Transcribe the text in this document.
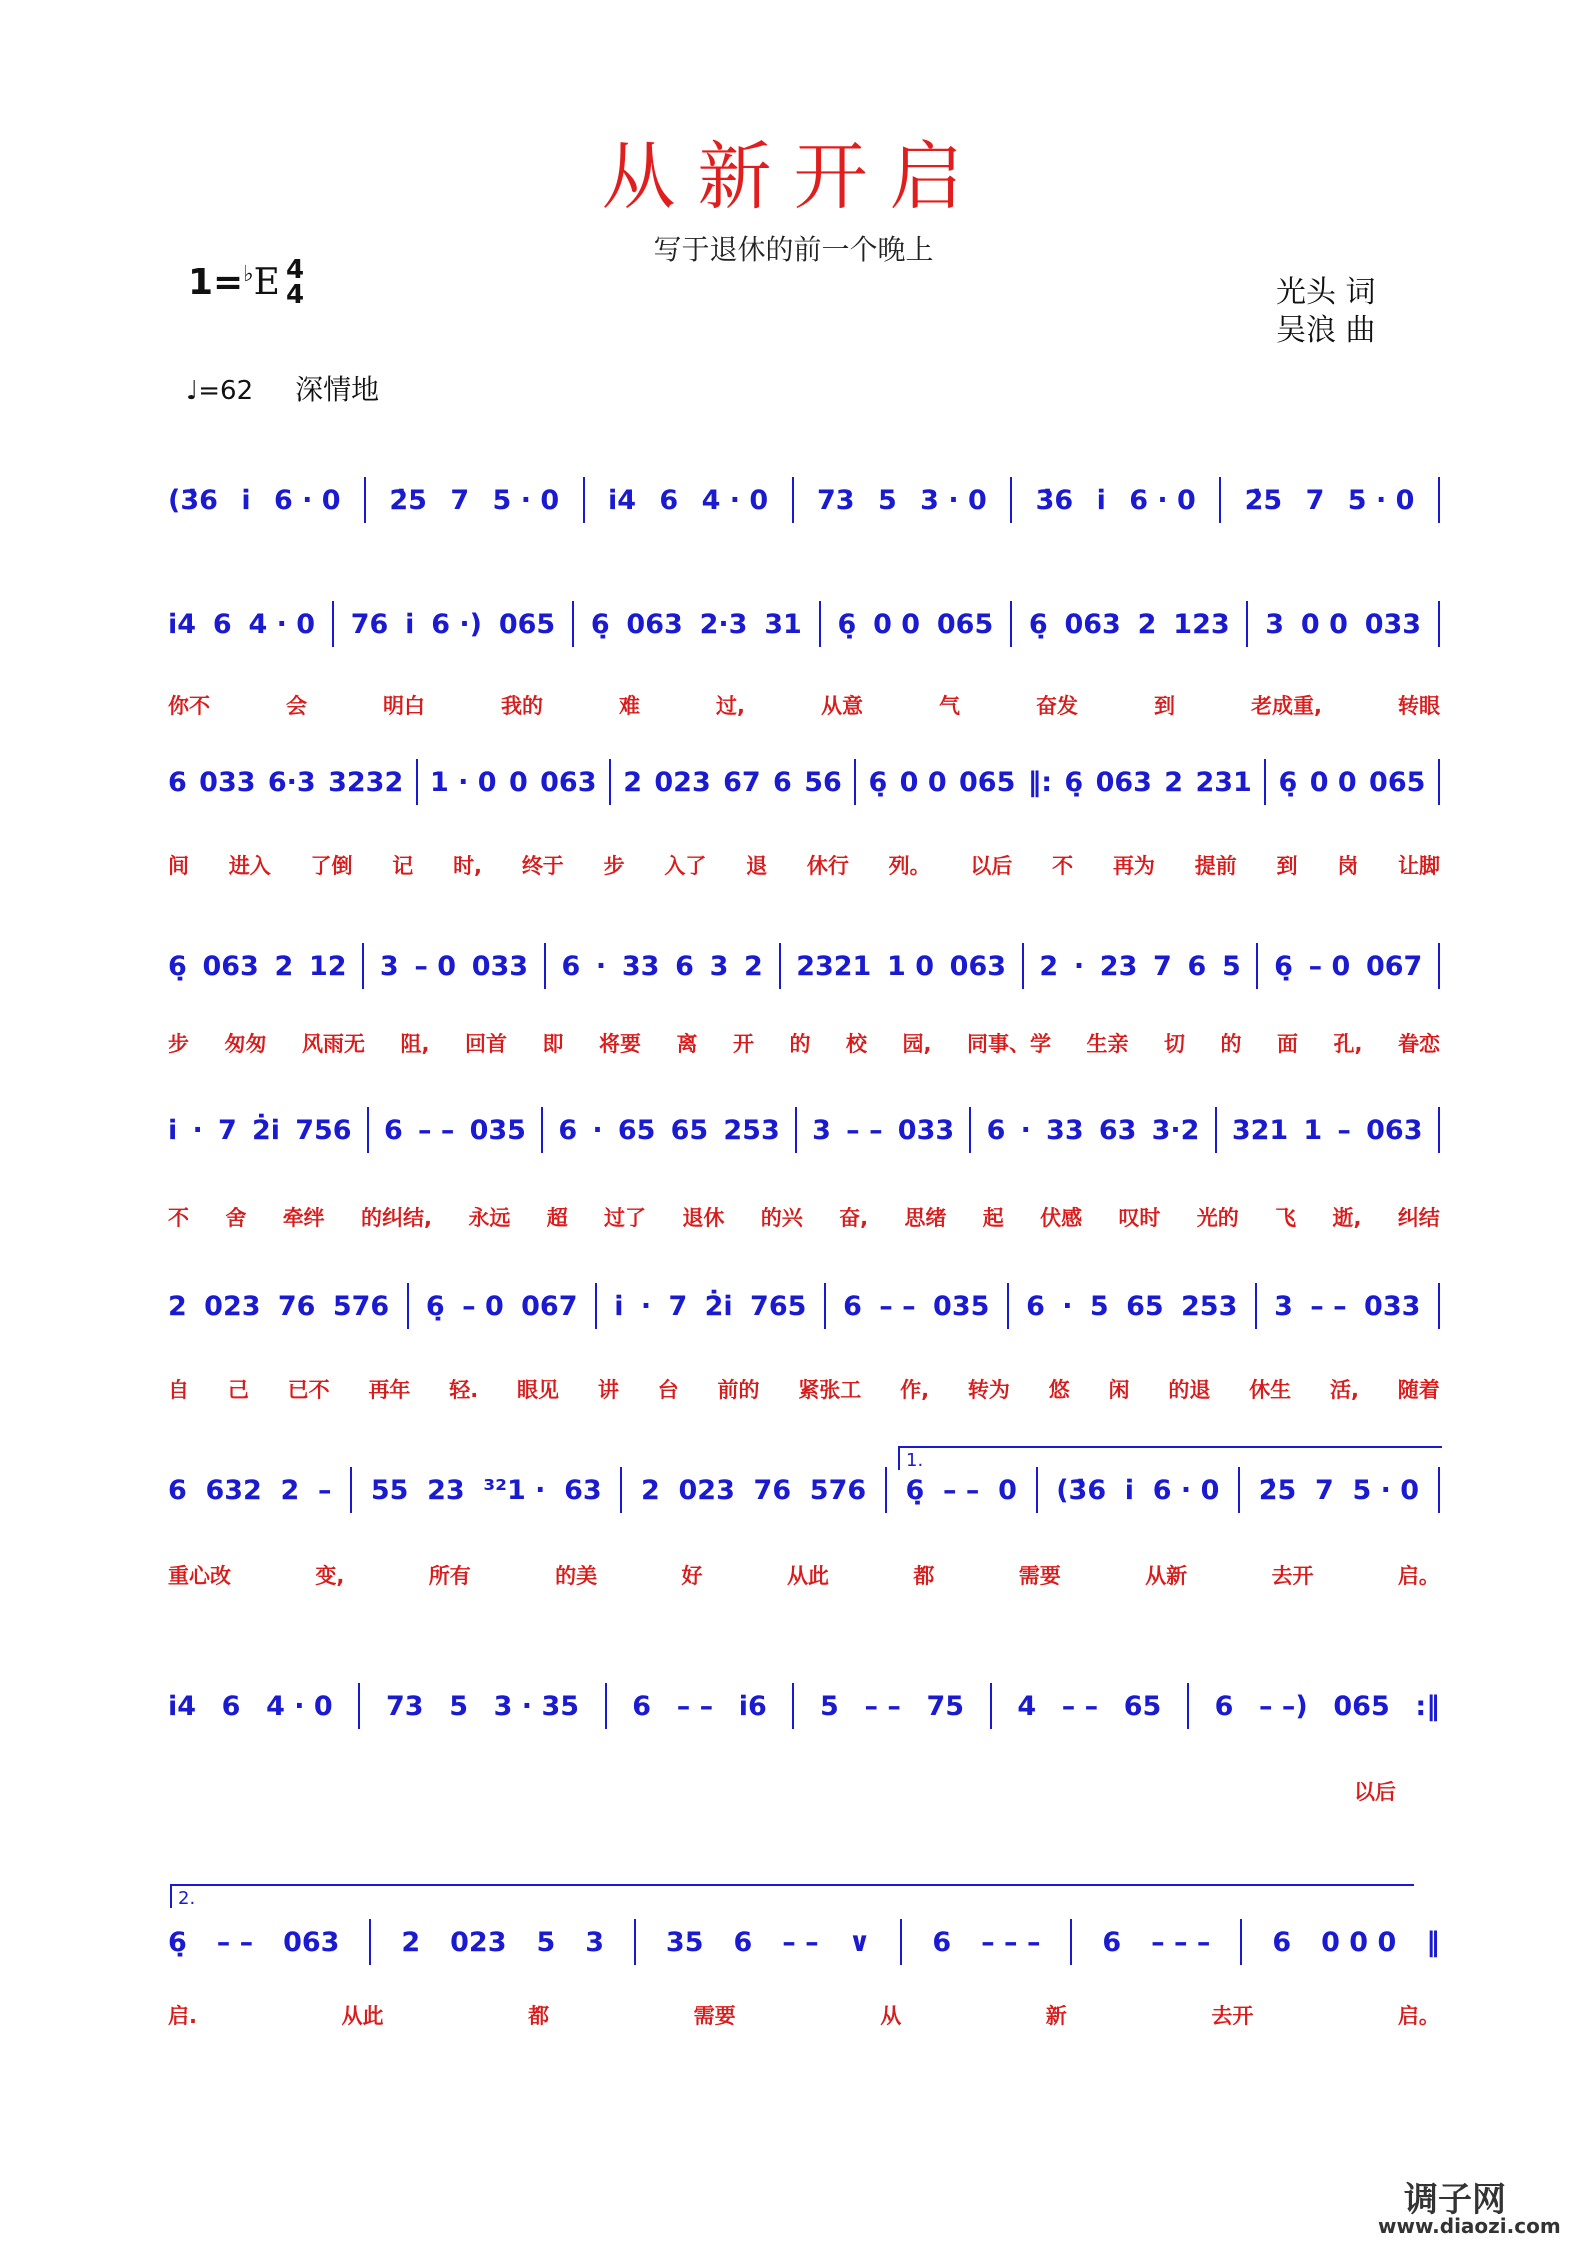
从新开启
写于退休的前一个晚上
1=♭E 4
4	光头 词
吴浪 曲
♩=62 深情地
(3̇6 i̇ 6 · 0 2̇5 7 5 · 0 i̇4 6 4 · 0 73 5 3 · 0 3̇6 i̇ 6 · 0 2̇5 7 5 · 0
i̇4 6 4 · 0 76 i̇ 6 ·) 065 6̣ 063 2·3 31 6̣ 0 0 065 6̣ 063 2 123 3 0 0 033
你不	会	明白	我的	难	过,	从意	气	奋发	到	老成重,	转眼
6 033 6·3 3232 1 · 0 0 063 2 023 67 6 56 6̣ 0 0 065 ‖: 6̣ 063 2 231 6̣ 0 0 065
间 进入 了倒 记 时, 终于 步 入了 退 休行 列。 以后 不 再为 提前 到 岗 让脚
6̣ 063 2 12 3 – 0 033 6 · 33 6 3 2 2321 1 0 063 2 · 23 7 6 5 6̣ – 0 067
步 匆匆 风雨无 阻, 回首 即 将要 离 开 的 校 园, 同事、学 生亲 切 的 面 孔, 眷恋
i̇ · 7 2̇i̇ 756 6 – – 035 6 · 65 65 253 3 – – 033 6 · 33 63 3·2 321 1 – 063
不 舍 牵绊 的纠结, 永远 超 过了 退休 的兴 奋, 思绪 起 伏感 叹时 光的 飞 逝, 纠结
2 023 76 576 6̣ – 0 067 i̇ · 7 2̇i̇ 765 6 – – 035 6 · 5 65 253 3 – – 033
自 己 已不 再年 轻. 眼见 讲 台 前的 紧张工 作, 转为 悠 闲 的退 休生 活, 随着
6 632 2 – 55 23 ³²1 · 63 2 023 76 576 6̣ – – 0 (3̇6 i̇ 6 · 0 2̇5 7 5 · 0
重心改	变,	所有	的美	好	从此	都	需要	从新	去开	启。
i̇4 6 4 · 0 73 5 3 · 35 6 – – i̇6 5 – – 75 4 – – 65 6 – –) 065 :‖
以后
6̣ – – 063 2 023 5 3 35 6 – – ∨ 6 – – – 6 – – – 6 0 0 0 ‖
启.	从此	都	需要	从	新	去开	启。
1.
2.
调子网
www.diaozi.com
